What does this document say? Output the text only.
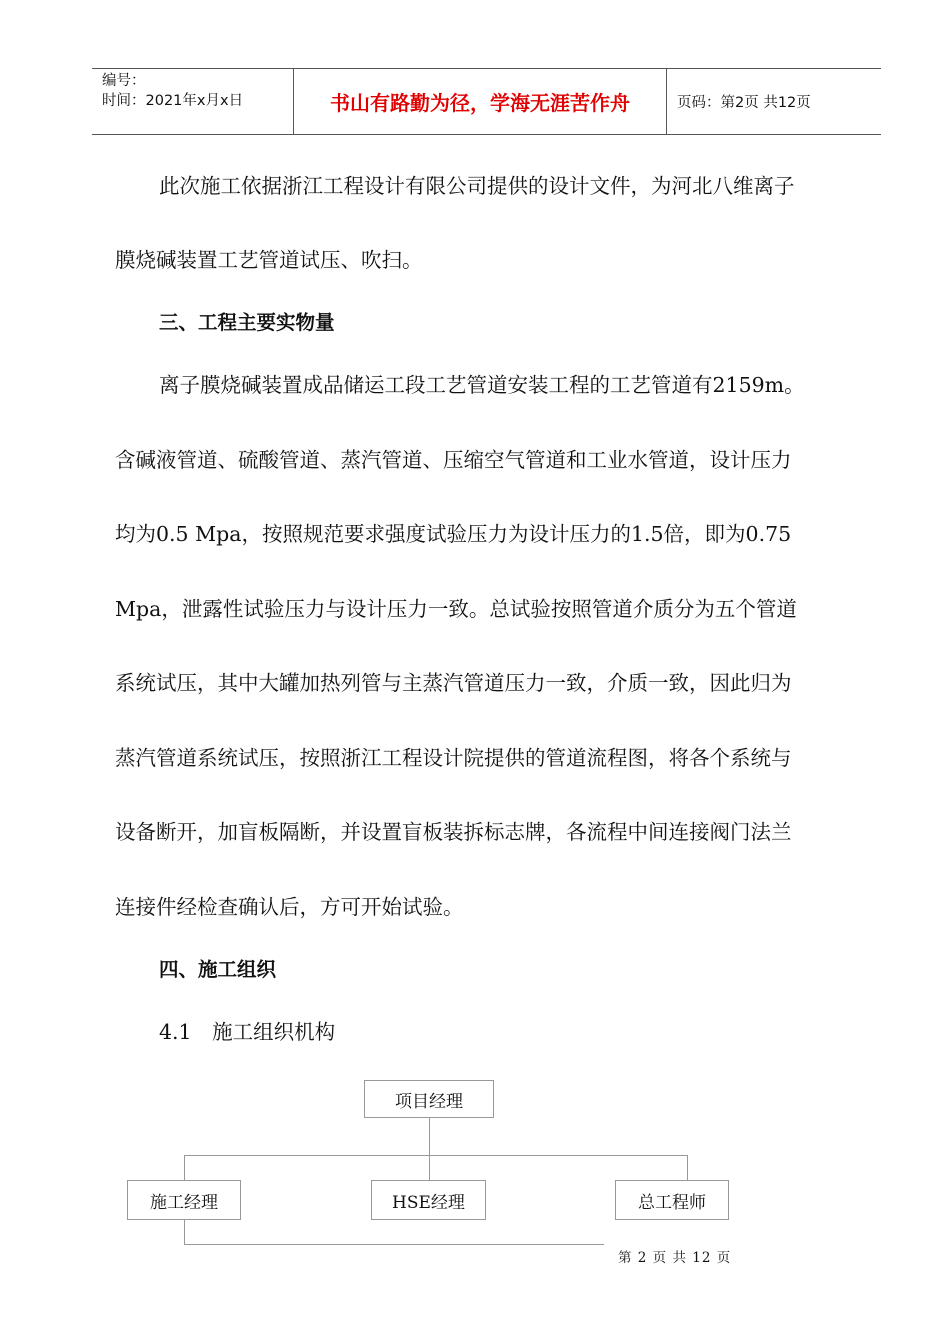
编号：
时间：2021年x月x日	书山有路勤为径，学海无涯苦作舟	页码：第2页 共12页
此次施工依据浙江工程设计有限公司提供的设计文件，为河北八维离子
膜烧碱装置工艺管道试压、吹扫。
三、工程主要实物量
离子膜烧碱装置成品储运工段工艺管道安装工程的工艺管道有2159m。
含碱液管道、硫酸管道、蒸汽管道、压缩空气管道和工业水管道，设计压力
均为0.5 Mpa，按照规范要求强度试验压力为设计压力的1.5倍，即为0.75
Mpa，泄露性试验压力与设计压力一致。总试验按照管道介质分为五个管道
系统试压，其中大罐加热列管与主蒸汽管道压力一致，介质一致，因此归为
蒸汽管道系统试压，按照浙江工程设计院提供的管道流程图，将各个系统与
设备断开，加盲板隔断，并设置盲板装拆标志牌，各流程中间连接阀门法兰
连接件经检查确认后，方可开始试验。
四、施工组织
4.1　施工组织机构
项目经理
施工经理	HSE经理	总工程师
第 2 页 共 12 页
